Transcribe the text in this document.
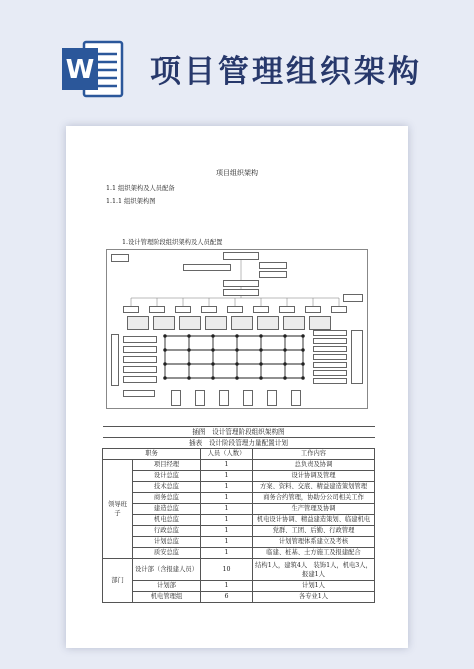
W 项目管理组织架构
项目组织架构
1.1 组织架构及人员配备
1.1.1 组织架构图
1.设计管理阶段组织架构及人员配置
插图　设计管理阶段组织架构图			
插表　设计阶段管理力量配置计划			
职务		人员（人数）	工作内容
领导班子	项目经理	1	总负责及协调
	设计总监	1	设计协调及管理
	技术总监	1	方案、资料、交底、精益建造策划管理
	商务总监	1	商务合约管理，协助分公司相关工作
	建造总监	1	生产管理及协调
	机电总监	1	机电设计协调、精益建造策划、临建机电
	行政总监	1	党群、工团、后勤、行政管理
	计划总监	1	计划管理体系建立及考核
	质安总监	1	临建、桩基、土方施工及报建配合
部门	设计部（含报建人员）	10	结构1人，建筑4人　装饰1人，机电3人，报建1人
	计划部	1	计划1人
	机电管理组	6	各专业1人
